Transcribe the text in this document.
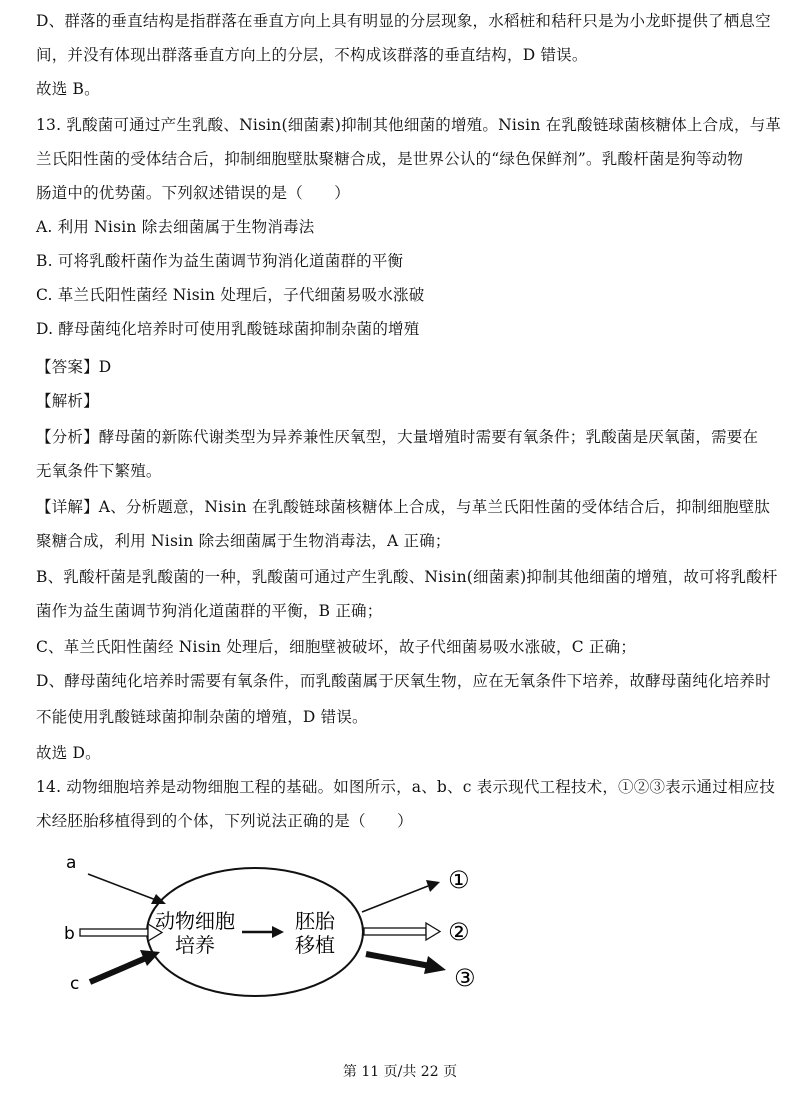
D、群落的垂直结构是指群落在垂直方向上具有明显的分层现象，水稻桩和秸秆只是为小龙虾提供了栖息空
间，并没有体现出群落垂直方向上的分层，不构成该群落的垂直结构，D 错误。
故选 B。
13. 乳酸菌可通过产生乳酸、Nisin(细菌素)抑制其他细菌的增殖。Nisin 在乳酸链球菌核糖体上合成，与革
兰氏阳性菌的受体结合后，抑制细胞壁肽聚糖合成，是世界公认的“绿色保鲜剂”。乳酸杆菌是狗等动物
肠道中的优势菌。下列叙述错误的是（　　）
A. 利用 Nisin 除去细菌属于生物消毒法
B. 可将乳酸杆菌作为益生菌调节狗消化道菌群的平衡
C. 革兰氏阳性菌经 Nisin 处理后，子代细菌易吸水涨破
D. 酵母菌纯化培养时可使用乳酸链球菌抑制杂菌的增殖
【答案】D
【解析】
【分析】酵母菌的新陈代谢类型为异养兼性厌氧型，大量增殖时需要有氧条件；乳酸菌是厌氧菌，需要在
无氧条件下繁殖。
【详解】A、分析题意，Nisin 在乳酸链球菌核糖体上合成，与革兰氏阳性菌的受体结合后，抑制细胞壁肽
聚糖合成，利用 Nisin 除去细菌属于生物消毒法，A 正确；
B、乳酸杆菌是乳酸菌的一种，乳酸菌可通过产生乳酸、Nisin(细菌素)抑制其他细菌的增殖，故可将乳酸杆
菌作为益生菌调节狗消化道菌群的平衡，B 正确；
C、革兰氏阳性菌经 Nisin 处理后，细胞壁被破坏，故子代细菌易吸水涨破，C 正确；
D、酵母菌纯化培养时需要有氧条件，而乳酸菌属于厌氧生物，应在无氧条件下培养，故酵母菌纯化培养时
不能使用乳酸链球菌抑制杂菌的增殖，D 错误。
故选 D。
14. 动物细胞培养是动物细胞工程的基础。如图所示，a、b、c 表示现代工程技术，①②③表示通过相应技
术经胚胎移植得到的个体，下列说法正确的是（　　）
a
b
c
动物细胞
培养
胚胎
移植
①
②
③
第 11 页/共 22 页
